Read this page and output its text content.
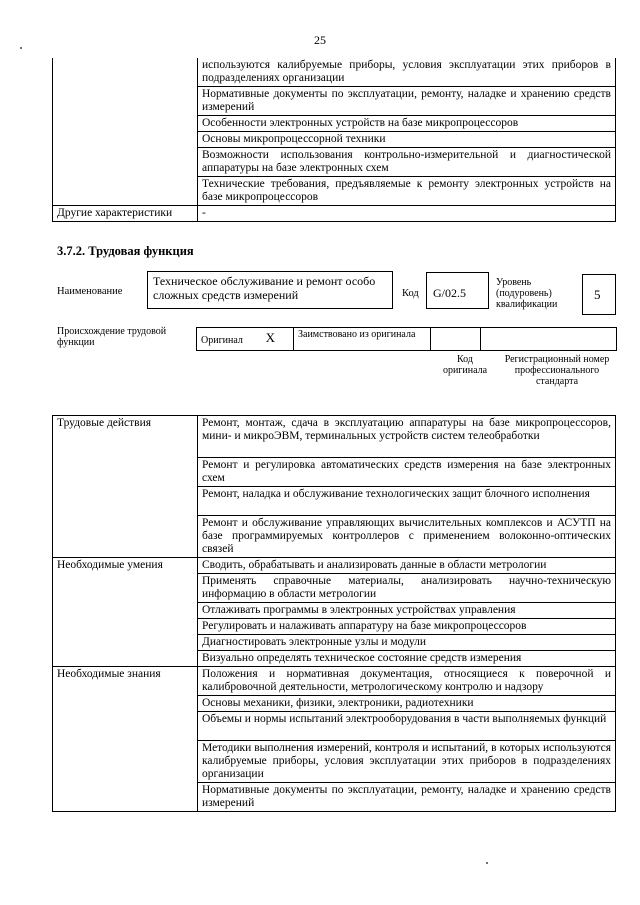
25
	используются калибруемые приборы, условия эксплуатации этих приборов в подразделениях организации
	Нормативные документы по эксплуатации, ремонту, наладке и хранению средств измерений
	Особенности электронных устройств на базе микропроцессоров
	Основы микропроцессорной техники
	Возможности использования контрольно-измерительной и диагностической аппаратуры на базе электронных схем
	Технические требования, предъявляемые к ремонту электронных устройств на базе микропроцессоров
Другие характеристики	-
3.7.2. Трудовая функция
Наименование
Техническое обслуживание и ремонт особо сложных средств измерений	Код G/02.5
Уровень (подуровень) квалификации
5
Происхождение трудовой функции	Оригинал X	Заимствовано из оригинала		
Код оригинала
Регистрационный номер профессионального стандарта
Трудовые действия	Ремонт, монтаж, сдача в эксплуатацию аппаратуры на базе микропроцессоров, мини- и микроЭВМ, терминальных устройств систем телеобработки
	Ремонт и регулировка автоматических средств измерения на базе электронных схем
	Ремонт, наладка и обслуживание технологических защит блочного исполнения
	Ремонт и обслуживание управляющих вычислительных комплексов и АСУТП на базе программируемых контроллеров с применением волоконно-оптических связей
Необходимые умения	Сводить, обрабатывать и анализировать данные в области метрологии
	Применять справочные материалы, анализировать научно-техническую информацию в области метрологии
	Отлаживать программы в электронных устройствах управления
	Регулировать и налаживать аппаратуру на базе микропроцессоров
	Диагностировать электронные узлы и модули
	Визуально определять техническое состояние средств измерения
Необходимые знания	Положения и нормативная документация, относящиеся к поверочной и калибровочной деятельности, метрологическому контролю и надзору
	Основы механики, физики, электроники, радиотехники
	Объемы и нормы испытаний электрооборудования в части выполняемых функций
	Методики выполнения измерений, контроля и испытаний, в которых используются калибруемые приборы, условия эксплуатации этих приборов в подразделениях организации
	Нормативные документы по эксплуатации, ремонту, наладке и хранению средств измерений
